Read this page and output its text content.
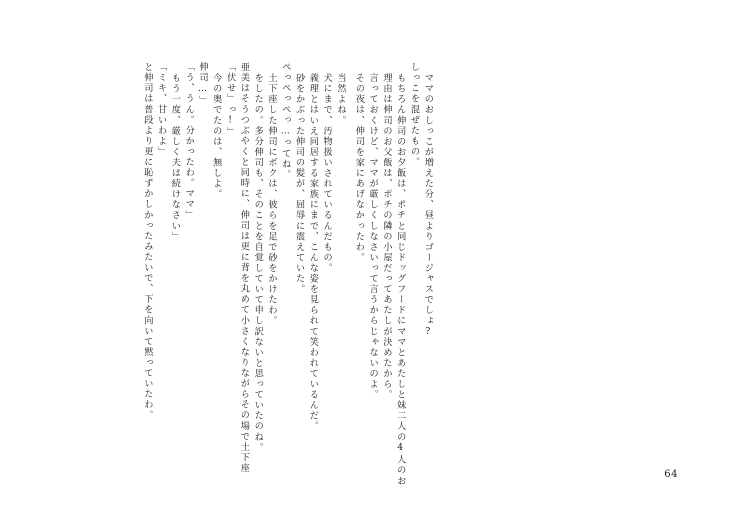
と伸司は普段より更に恥ずかしかったみたいで、下を向いて黙っていたわ。 「ミキ、甘いわよ」 もう一度、厳しく夫は続けなさい」 「う、うん。分かったわ。ママ」 伸司…」 今の奥でたのは、無しよ。 「伏せ」っ!」 亜美はそうつぶやくと同時に、伸司は更に背を丸めて小さくなりながらその場で土下座 をしたの。多分伸司も、そのことを自覚していて申し訳ないと思っていたのね。 土下座した伸司にボクは、彼らを足で砂をかけたわ。 ぺっぺっぺっ…ってね。 砂をかぶった伸司の髪が、屈辱に震えていた。 義理とはいえ同居する家族にまで、こんな姿を見られて笑われているんだ。 犬にまで、汚物扱いされているんだもの。 当然よね。 その夜は、伸司を家にあげなかったわ。 言っておくけど、ママが厳しくしなさいって言うからじゃないのよ。 理由は伸司のお父飯は、ポチの隣の小屋だってあたしが決めたから。 もちろん伸司のお夕飯は、ポチと同じドッグフードにママとあたしと妹二人の4人のお しっこを混ぜたもの。 ママのおしっこが増えた分、昼よりゴージャスでしょ?
64
